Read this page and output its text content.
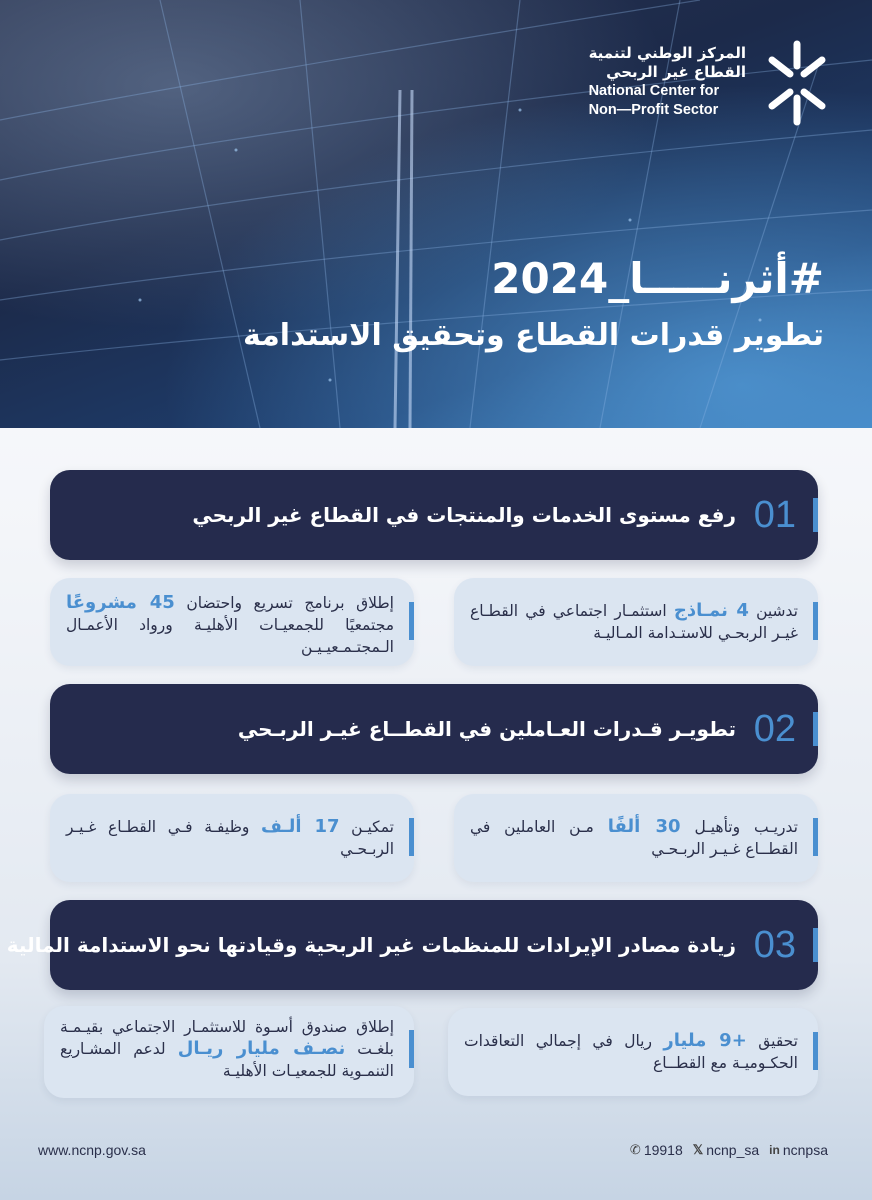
المركز الوطني لتنمية
القطاع غير الربحي
National Center for
Non—Profit Sector
#أثرنـــــا_2024
تطوير قدرات القطاع وتحقيق الاستدامة
01
رفع مستوى الخدمات والمنتجات في القطاع غير الربحي
تدشين 4 نمـاذج استثمـار اجتماعي في القطـاع غيـر الربحـي للاستـدامة المـاليـة
إطلاق برنامج تسريع واحتضان 45 مشروعًا مجتمعيًا للجمعيـات الأهليـة ورواد الأعمـال الـمجتـمـعيـيـن
02
تطويـر قـدرات العـاملين في القطــاع غيـر الربـحي
تدريـب وتأهيـل 30 ألفًا مـن العاملين في القطــاع غـيـر الربـحـي
تمكيـن 17 ألـف وظيفـة فـي القطـاع غـيـر الربـحـي
03
زيادة مصادر الإيرادات للمنظمات غير الربحية وقيادتها نحو الاستدامة المالية
تحقيق +9 مليار ريال في إجمالي التعاقدات الحكـوميـة مع القطــاع
إطلاق صندوق أسـوة للاستثمـار الاجتماعي بقيـمـة بلغـت نصـف مليار ريـال لدعم المشـاريع التنمـوية للجمعيـات الأهليـة
www.ncnp.gov.sa	✆ 19918 𝕏 ncnp_sa in ncnpsa
